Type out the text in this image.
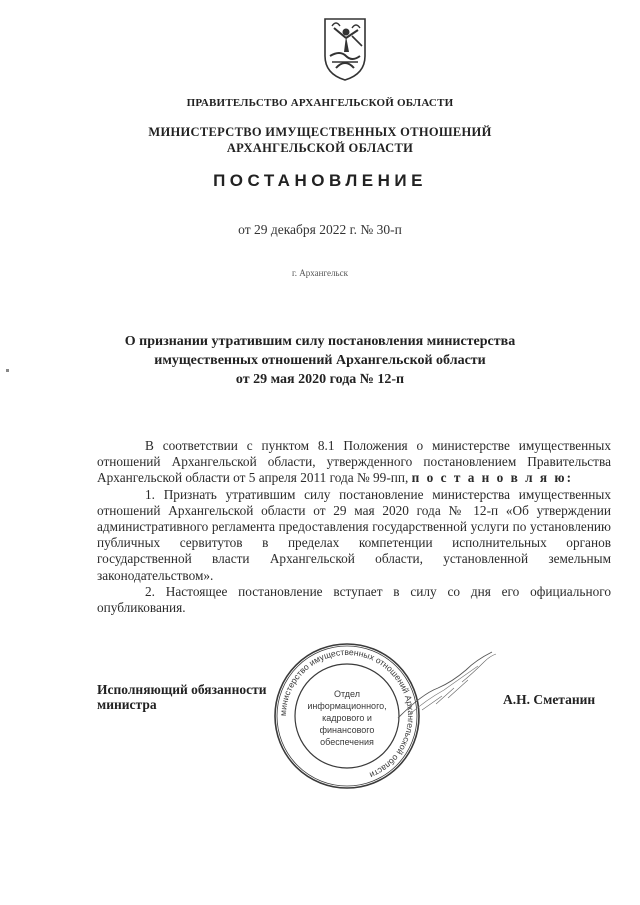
ПРАВИТЕЛЬСТВО АРХАНГЕЛЬСКОЙ ОБЛАСТИ
МИНИСТЕРСТВО ИМУЩЕСТВЕННЫХ ОТНОШЕНИЙ
АРХАНГЕЛЬСКОЙ ОБЛАСТИ
ПОСТАНОВЛЕНИЕ
от 29 декабря 2022 г. № 30-п
г. Архангельск
О признании утратившим силу постановления министерства
имущественных отношений Архангельской области
от 29 мая 2020 года № 12-п

В соответствии с пунктом 8.1 Положения о министерстве имущественных отношений Архангельской области, утвержденного постановлением Правительства Архангельской области от 5 апреля 2011 года № 99-пп, п о с т а н о в л я ю:

1. Признать утратившим силу постановление министерства имущественных отношений Архангельской области от 29 мая 2020 года № 12-п «Об утверждении административного регламента предоставления государственной услуги по установлению публичных сервитутов в пределах компетенции исполнительных органов государственной власти Архангельской области, установленной земельным законодательством».

2. Настоящее постановление вступает в силу со дня его официального опубликования.

Исполняющий обязанности
министра	А.Н. Сметанин
министерство имущественных отношений Архангельской области
Отдел
информационного,
кадрового и
финансового
обеспечения
